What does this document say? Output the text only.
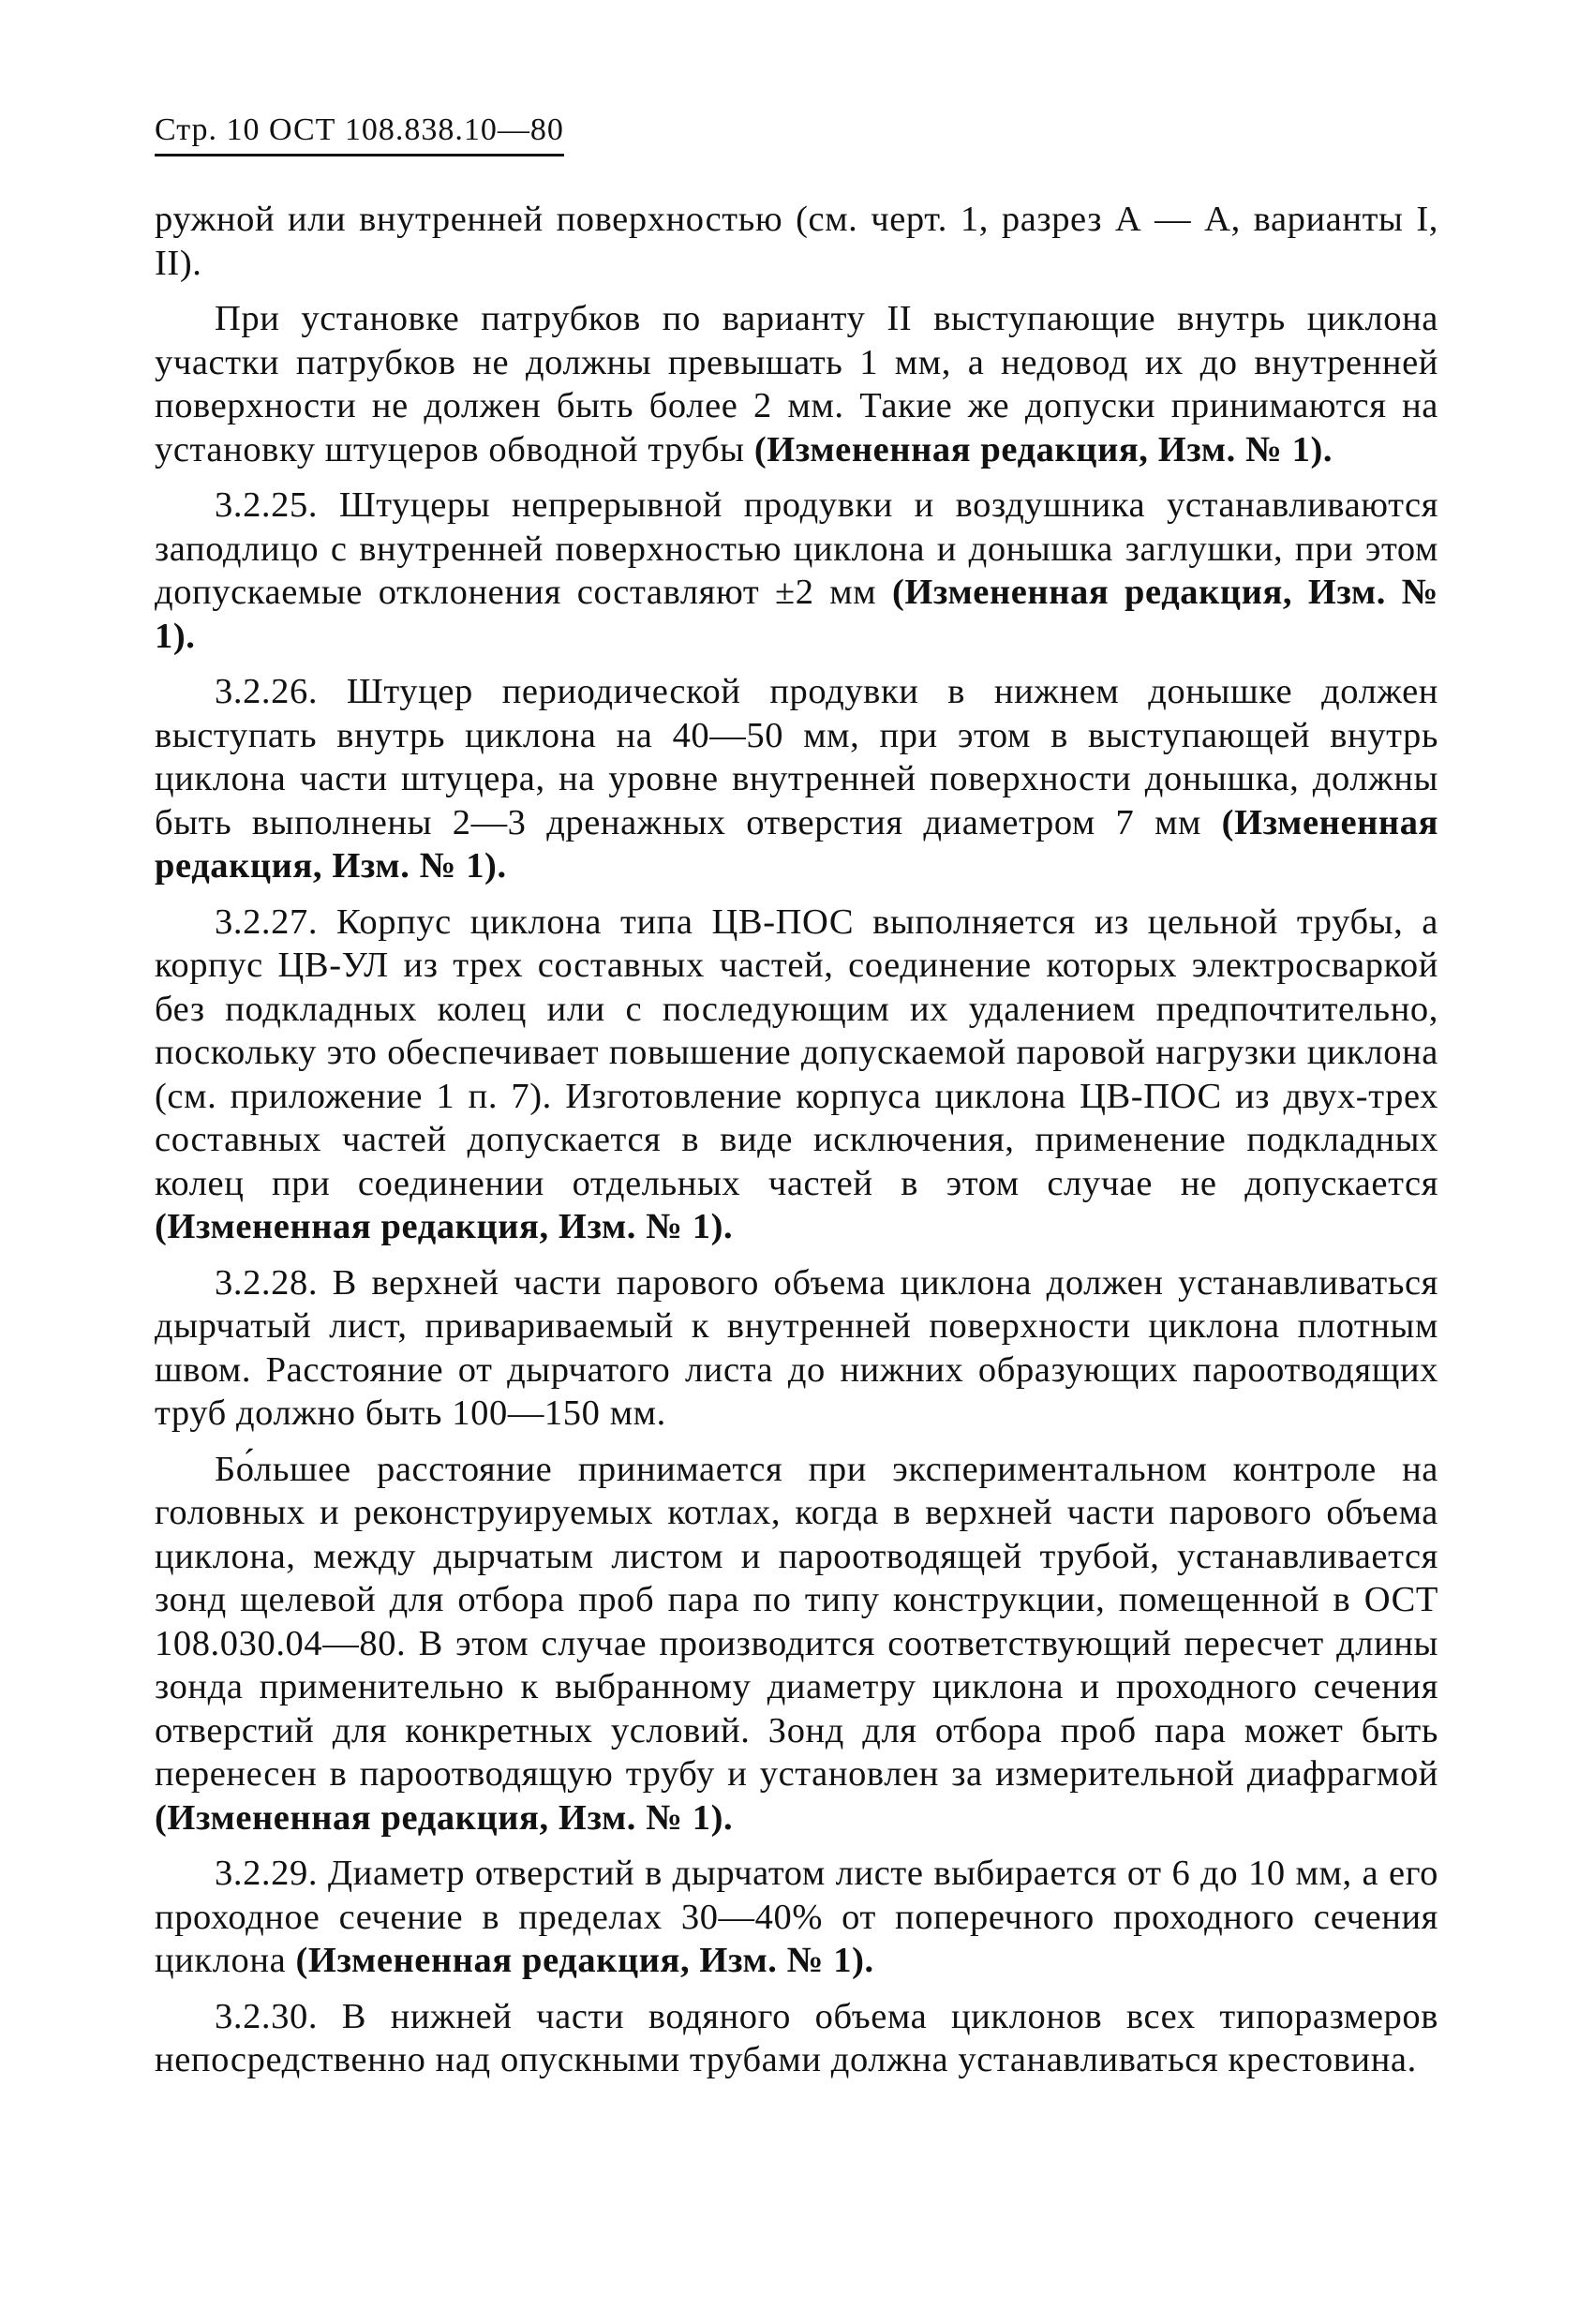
Стр. 10 ОСТ 108.838.10—80

ружной или внутренней поверхностью (см. черт. 1, разрез А — А, варианты I, II).

При установке патрубков по варианту II выступающие внутрь циклона участки патрубков не должны превышать 1 мм, а недовод их до внутренней поверхности не должен быть более 2 мм. Такие же допуски принимаются на установку штуцеров обводной трубы (Измененная редакция, Изм. № 1).

3.2.25. Штуцеры непрерывной продувки и воздушника устанавливаются заподлицо с внутренней поверхностью циклона и донышка заглушки, при этом допускаемые отклонения составляют ±2 мм (Измененная редакция, Изм. № 1).

3.2.26. Штуцер периодической продувки в нижнем донышке должен выступать внутрь циклона на 40—50 мм, при этом в выступающей внутрь циклона части штуцера, на уровне внутренней поверхности донышка, должны быть выполнены 2—3 дренажных отверстия диаметром 7 мм (Измененная редакция, Изм. № 1).

3.2.27. Корпус циклона типа ЦВ-ПОС выполняется из цельной трубы, а корпус ЦВ-УЛ из трех составных частей, соединение которых электросваркой без подкладных колец или с последующим их удалением предпочтительно, поскольку это обеспечивает повышение допускаемой паровой нагрузки циклона (см. приложение 1 п. 7). Изготовление корпуса циклона ЦВ-ПОС из двух-трех составных частей допускается в виде исключения, применение подкладных колец при соединении отдельных частей в этом случае не допускается (Измененная редакция, Изм. № 1).

3.2.28. В верхней части парового объема циклона должен устанавливаться дырчатый лист, привариваемый к внутренней поверхности циклона плотным швом. Расстояние от дырчатого листа до нижних образующих пароотводящих труб должно быть 100—150 мм.

Бо́льшее расстояние принимается при экспериментальном контроле на головных и реконструируемых котлах, когда в верхней части парового объема циклона, между дырчатым листом и пароотводящей трубой, устанавливается зонд щелевой для отбора проб пара по типу конструкции, помещенной в ОСТ 108.030.04—80. В этом случае производится соответствующий пересчет длины зонда применительно к выбранному диаметру циклона и проходного сечения отверстий для конкретных условий. Зонд для отбора проб пара может быть перенесен в пароотводящую трубу и установлен за измерительной диафрагмой (Измененная редакция, Изм. № 1).

3.2.29. Диаметр отверстий в дырчатом листе выбирается от 6 до 10 мм, а его проходное сечение в пределах 30—40% от поперечного проходного сечения циклона (Измененная редакция, Изм. № 1).

3.2.30. В нижней части водяного объема циклонов всех типоразмеров непосредственно над опускными трубами должна устанавливаться крестовина.
